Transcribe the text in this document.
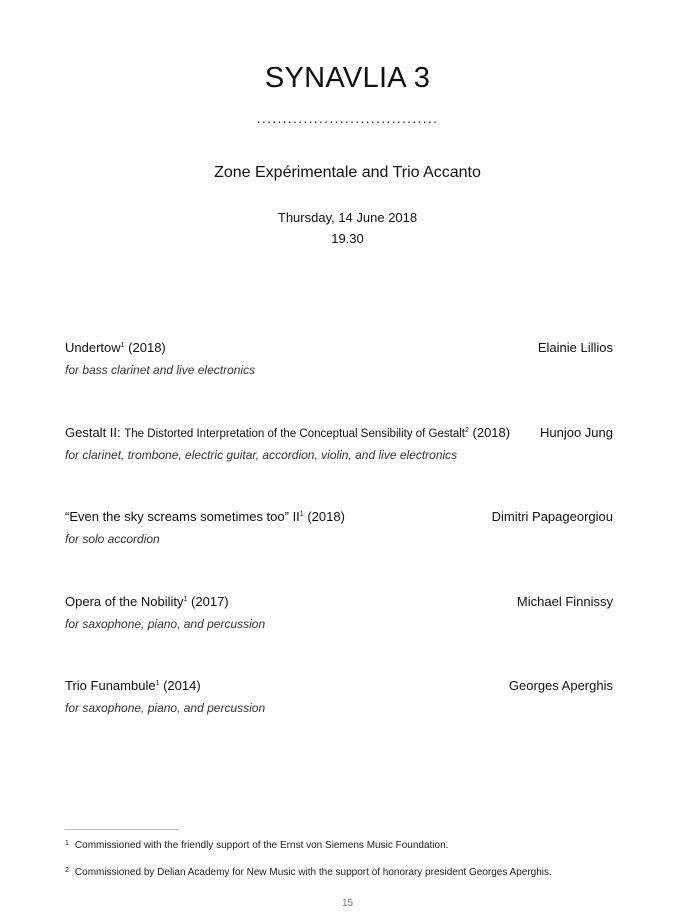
SYNAVLIA 3
...................................
Zone Expérimentale and Trio Accanto
Thursday, 14 June 2018
19.30
Undertow$^1$ (2018)	Elainie Lillios
for bass clarinet and live electronics
Gestalt II: The Distorted Interpretation of the Conceptual Sensibility of Gestalt$^2$ (2018) Hunjoo Jung
for clarinet, trombone, electric guitar, accordion, violin, and live electronics
“Even the sky screams sometimes too” $II^1$ (2018)	Dimitri Papageorgiou
for solo accordion
Opera of the Nobility$^1$ (2017)	Michael Finnissy
for saxophone, piano, and percussion
Trio Funambule$^1$ (2014)	Georges Aperghis
for saxophone, piano, and percussion
$^1$ Commissioned with the friendly support of the Ernst von Siemens Music Foundation.
$^2$ Commissioned by Delian Academy for New Music with the support of honorary president Georges Aperghis.
15
